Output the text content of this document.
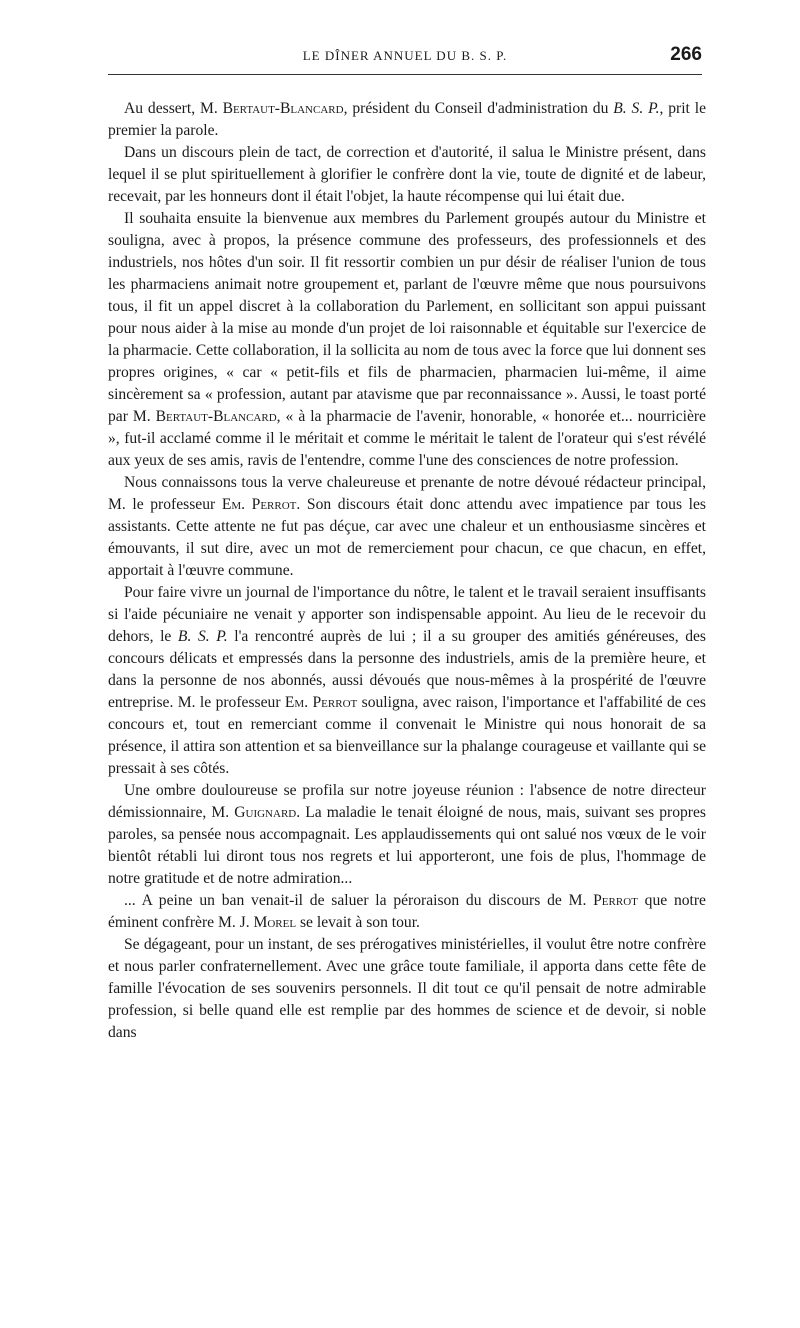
LE DÎNER ANNUEL DU B. S. P.	266

Au dessert, M. Bertaut-Blancard, président du Conseil d'administration du B. S. P., prit le premier la parole.

Dans un discours plein de tact, de correction et d'autorité, il salua le Ministre présent, dans lequel il se plut spirituellement à glorifier le confrère dont la vie, toute de dignité et de labeur, recevait, par les honneurs dont il était l'objet, la haute récompense qui lui était due.

Il souhaita ensuite la bienvenue aux membres du Parlement groupés autour du Ministre et souligna, avec à propos, la présence commune des professeurs, des professionnels et des industriels, nos hôtes d'un soir. Il fit ressortir combien un pur désir de réaliser l'union de tous les pharmaciens animait notre groupement et, parlant de l'œuvre même que nous poursuivons tous, il fit un appel discret à la collaboration du Parlement, en sollicitant son appui puissant pour nous aider à la mise au monde d'un projet de loi raisonnable et équitable sur l'exercice de la pharmacie. Cette collaboration, il la sollicita au nom de tous avec la force que lui donnent ses propres origines, « car « petit-fils et fils de pharmacien, pharmacien lui-même, il aime sincèrement sa « profession, autant par atavisme que par reconnaissance ». Aussi, le toast porté par M. Bertaut-Blancard, « à la pharmacie de l'avenir, honorable, « honorée et... nourricière », fut-il acclamé comme il le méritait et comme le méritait le talent de l'orateur qui s'est révélé aux yeux de ses amis, ravis de l'entendre, comme l'une des consciences de notre profession.

Nous connaissons tous la verve chaleureuse et prenante de notre dévoué rédacteur principal, M. le professeur Em. Perrot. Son discours était donc attendu avec impatience par tous les assistants. Cette attente ne fut pas déçue, car avec une chaleur et un enthousiasme sincères et émouvants, il sut dire, avec un mot de remerciement pour chacun, ce que chacun, en effet, apportait à l'œuvre commune.

Pour faire vivre un journal de l'importance du nôtre, le talent et le travail seraient insuffisants si l'aide pécuniaire ne venait y apporter son indispensable appoint. Au lieu de le recevoir du dehors, le B. S. P. l'a rencontré auprès de lui ; il a su grouper des amitiés généreuses, des concours délicats et empressés dans la personne des industriels, amis de la première heure, et dans la personne de nos abonnés, aussi dévoués que nous-mêmes à la prospérité de l'œuvre entreprise. M. le professeur Em. Perrot souligna, avec raison, l'importance et l'affabilité de ces concours et, tout en remerciant comme il convenait le Ministre qui nous honorait de sa présence, il attira son attention et sa bienveillance sur la phalange courageuse et vaillante qui se pressait à ses côtés.

Une ombre douloureuse se profila sur notre joyeuse réunion : l'absence de notre directeur démissionnaire, M. Guignard. La maladie le tenait éloigné de nous, mais, suivant ses propres paroles, sa pensée nous accompagnait. Les applaudissements qui ont salué nos vœux de le voir bientôt rétabli lui diront tous nos regrets et lui apporteront, une fois de plus, l'hommage de notre gratitude et de notre admiration...

... A peine un ban venait-il de saluer la péroraison du discours de M. Perrot que notre éminent confrère M. J. Morel se levait à son tour.

Se dégageant, pour un instant, de ses prérogatives ministérielles, il voulut être notre confrère et nous parler confraternellement. Avec une grâce toute familiale, il apporta dans cette fête de famille l'évocation de ses souvenirs personnels. Il dit tout ce qu'il pensait de notre admirable profession, si belle quand elle est remplie par des hommes de science et de devoir, si noble dans
